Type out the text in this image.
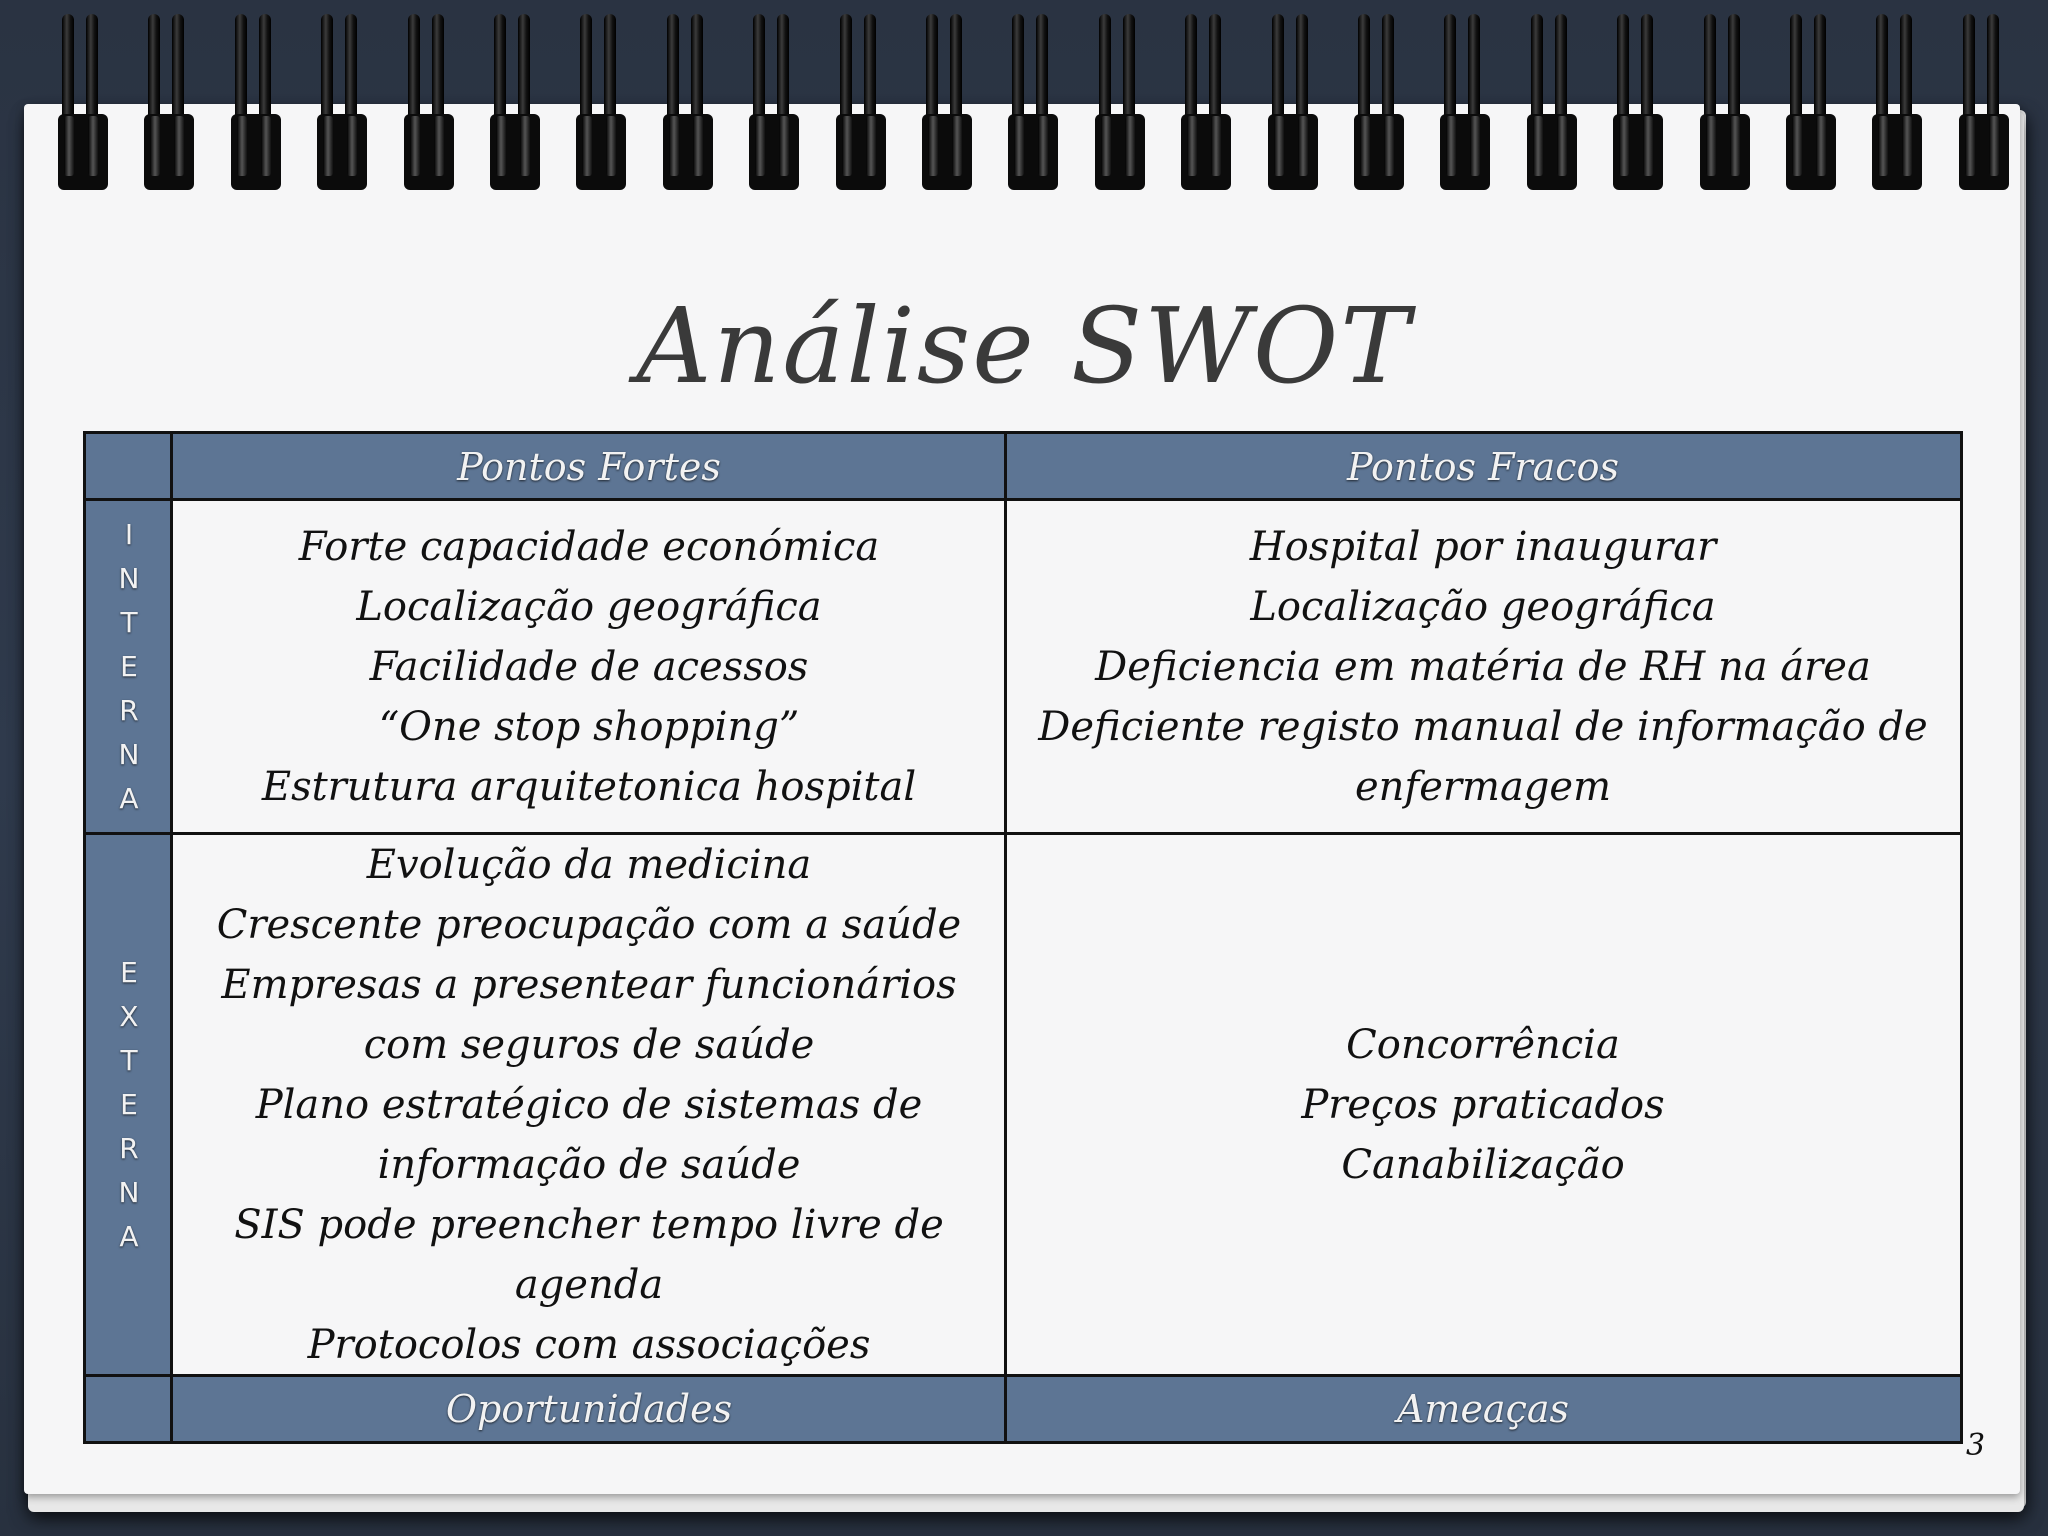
Análise SWOT
Pontos Fortes	Pontos Fracos
I
N
T
E
R
N
A
E
X
T
E
R
N
A
Forte capacidade económica
Localização geográfica
Facilidade de acessos
“One stop shopping”
Estrutura arquitetonica hospital
Hospital por inaugurar
Localização geográfica
Deficiencia em matéria de RH na área
Deficiente registo manual de informação de
enfermagem
Evolução da medicina
Crescente preocupação com a saúde
Empresas a presentear funcionários
com seguros de saúde
Plano estratégico de sistemas de
informação de saúde
SIS pode preencher tempo livre de
agenda
Protocolos com associações
Concorrência
Preços praticados
Canabilização
Oportunidades	Ameaças
3
